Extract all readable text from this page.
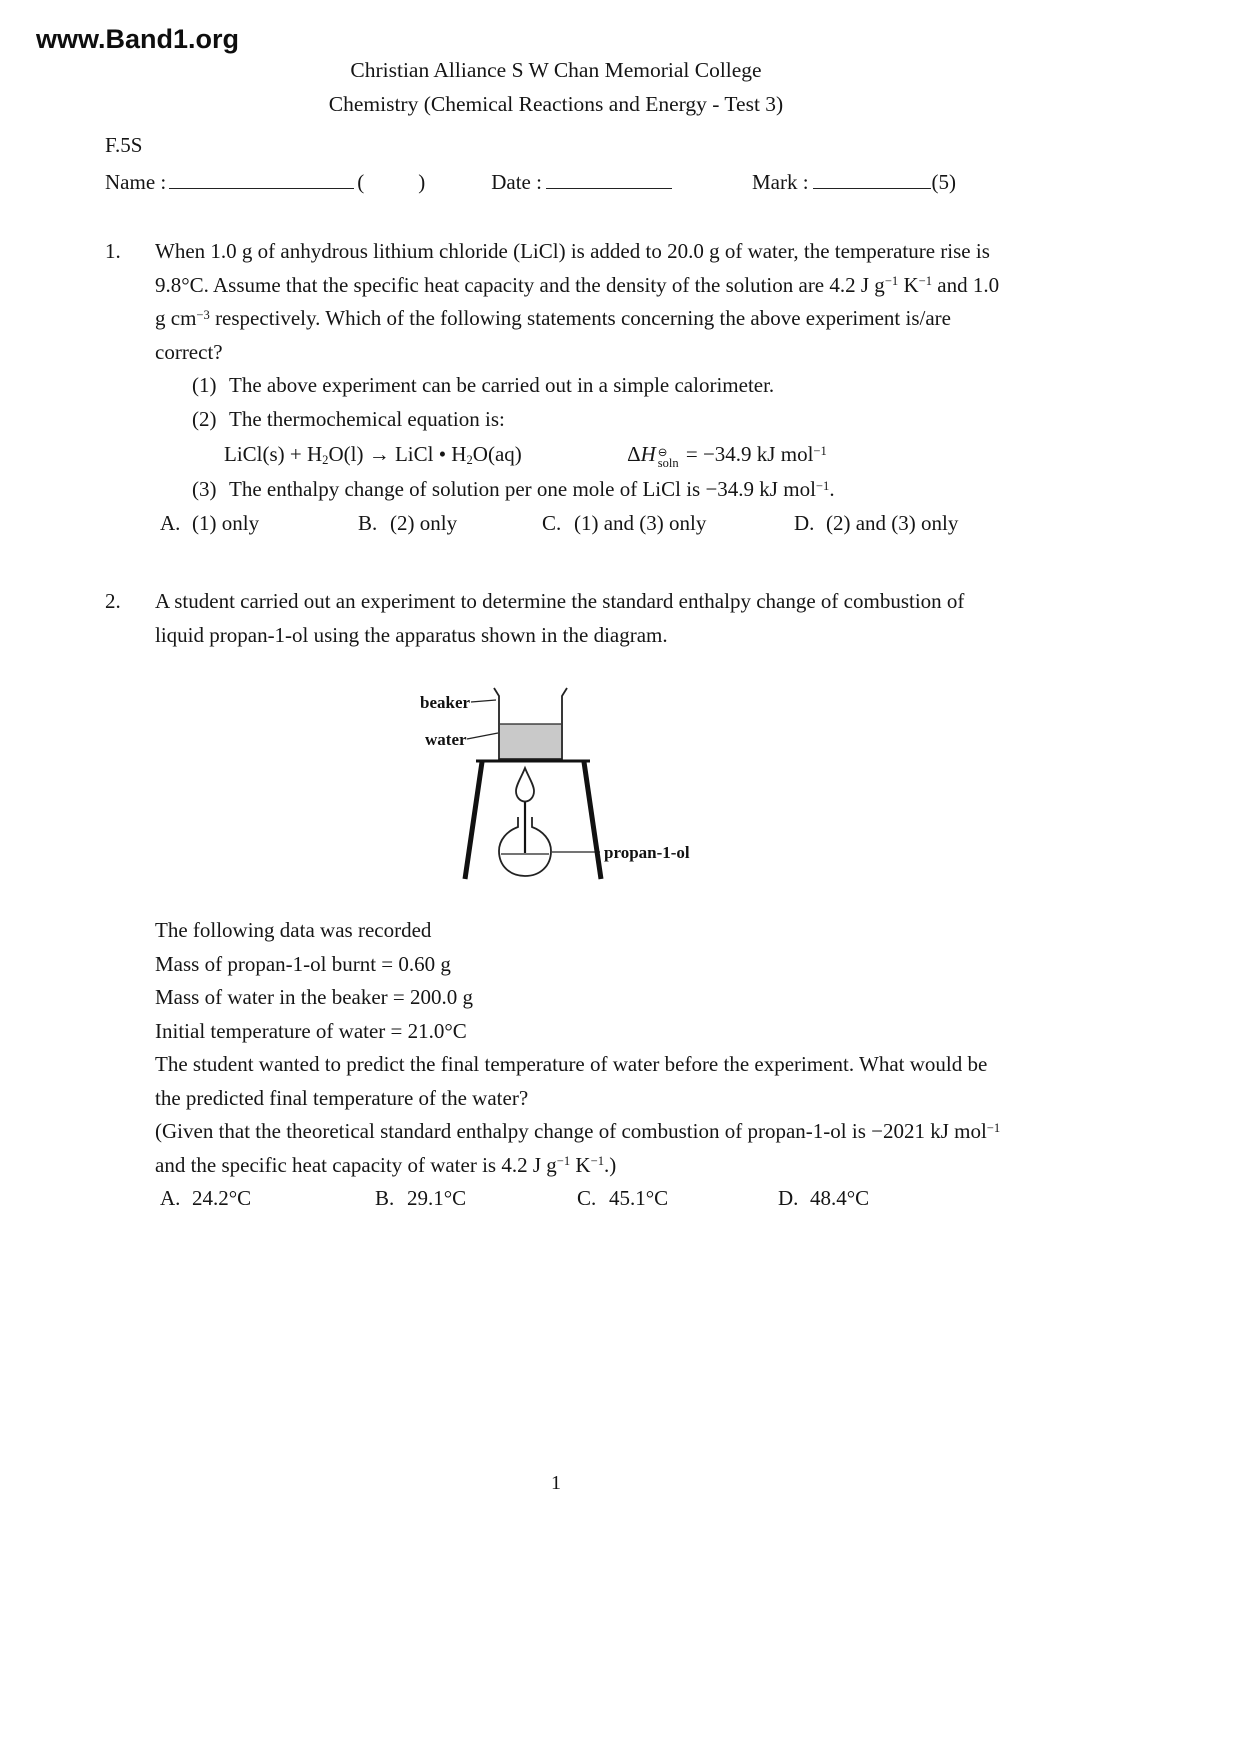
www.Band1.org
Christian Alliance S W Chan Memorial College
Chemistry (Chemical Reactions and Energy - Test 3)
F.5S
Name :	(	)	Date :	Mark :	(5)
1.	When 1.0 g of anhydrous lithium chloride (LiCl) is added to 20.0 g of water, the temperature rise is 9.8°C. Assume that the specific heat capacity and the density of the solution are 4.2 J $g^{-1}$ $K^{-1}$ and 1.0 g $cm^{-3}$ respectively. Which of the following statements concerning the above experiment is/are correct?

(1) The above experiment can be carried out in a simple calorimeter.
(2) The thermochemical equation is:
LiCl(s) + $H_2O(l)$ → LiCl • $H_2O(aq)$	ΔH ⊖
soln = −34.9 kJ mol$^{-1}$
(3) The enthalpy change of solution per one mole of LiCl is −34.9 kJ mol$^{-1}$.
A. (1) only	B. (2) only	C. (1) and (3) only	D. (2) and (3) only
2.	A student carried out an experiment to determine the standard enthalpy change of combustion of liquid propan-1-ol using the apparatus shown in the diagram.

beaker
water
propan-1-ol

The following data was recorded

Mass of propan-1-ol burnt = 0.60 g

Mass of water in the beaker = 200.0 g

Initial temperature of water = 21.0°C

The student wanted to predict the final temperature of water before the experiment. What would be the predicted final temperature of the water?

(Given that the theoretical standard enthalpy change of combustion of propan-1-ol is −2021 kJ mol$^{-1}$ and the specific heat capacity of water is 4.2 J $g^{-1}$ $K^{-1}$.)

A. 24.2°C	B. 29.1°C	C. 45.1°C	D. 48.4°C
1
